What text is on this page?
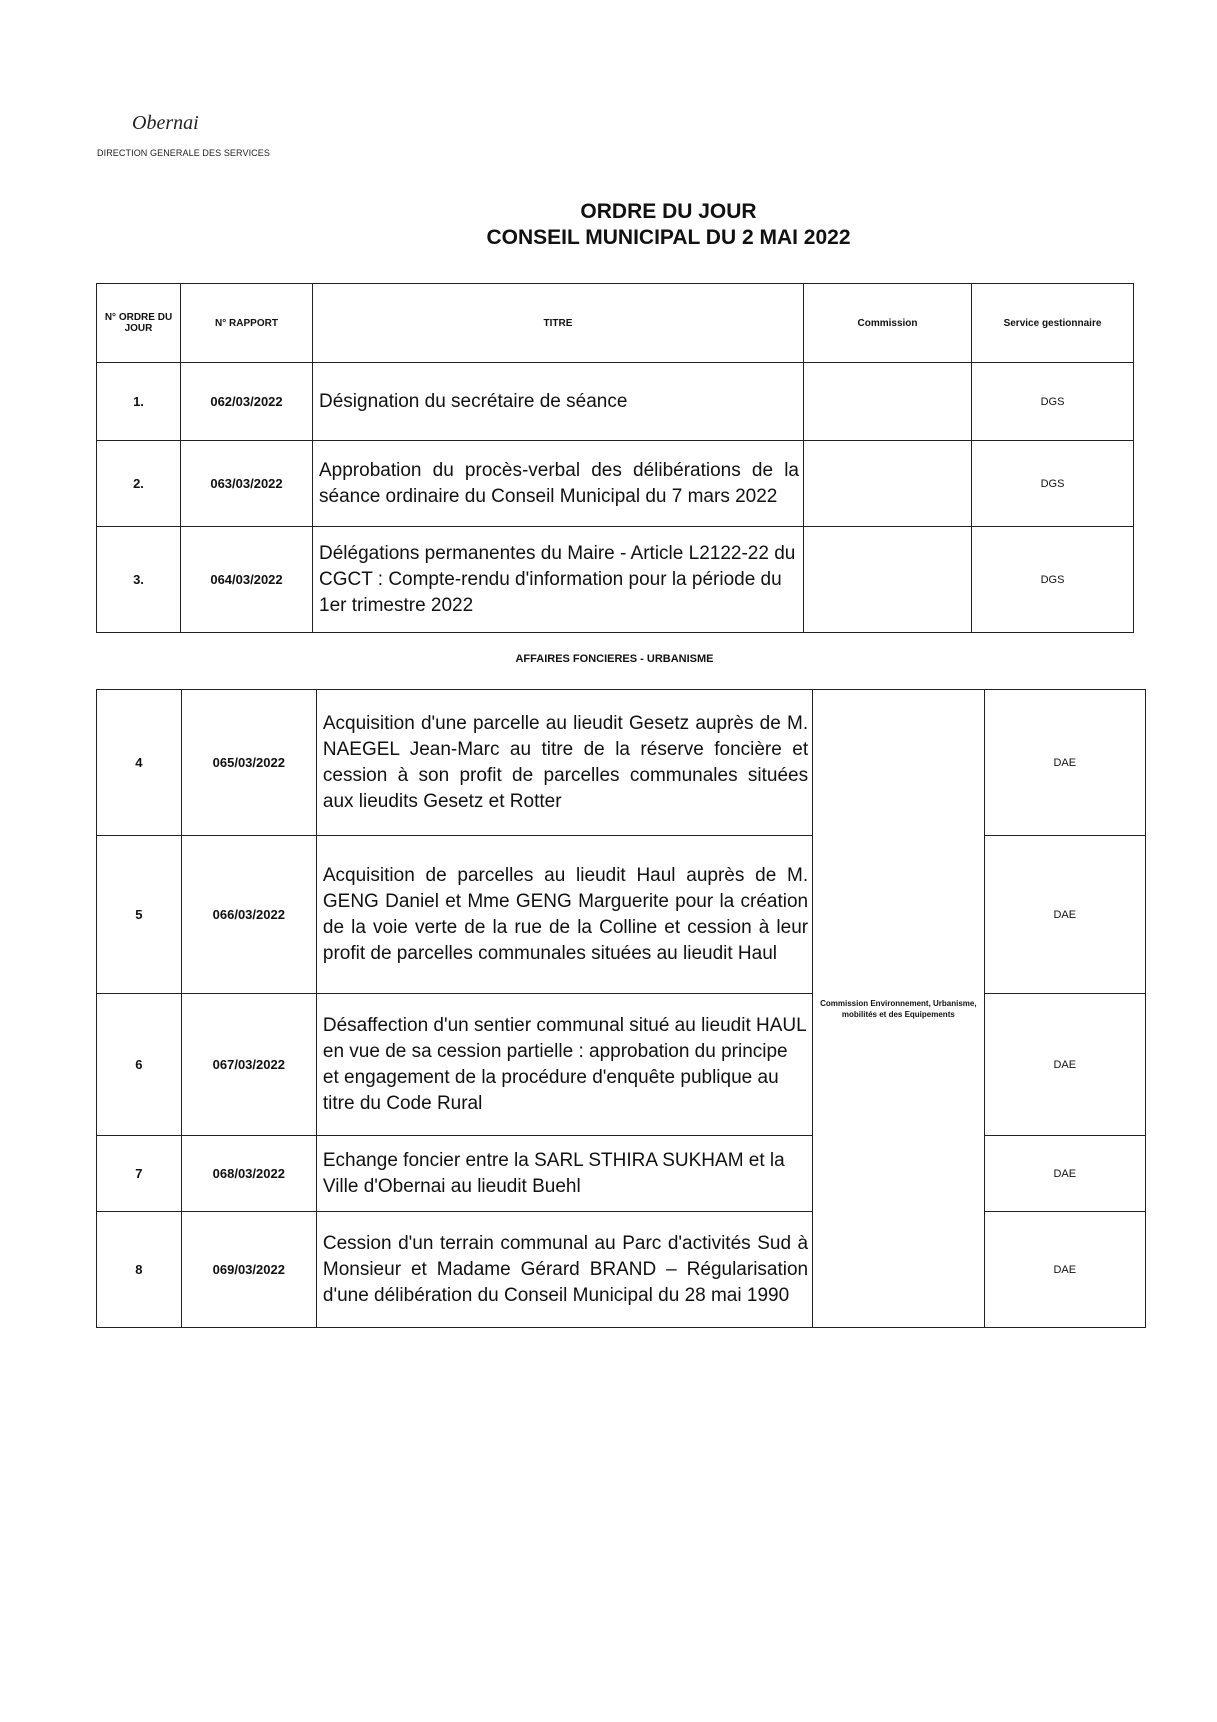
Obernai
DIRECTION GENERALE DES SERVICES
ORDRE DU JOUR
CONSEIL MUNICIPAL DU 2 MAI 2022
N° ORDRE DU JOUR	N° RAPPORT	TITRE	Commission	Service gestionnaire
1.	062/03/2022	Désignation du secrétaire de séance		DGS
2.	063/03/2022	Approbation du procès-verbal des délibérations de la séance ordinaire du Conseil Municipal du 7 mars 2022		DGS
3.	064/03/2022	Délégations permanentes du Maire - Article L2122-22 du CGCT : Compte-rendu d'information pour la période du 1er trimestre 2022		DGS
AFFAIRES FONCIERES - URBANISME
4	065/03/2022	Acquisition d'une parcelle au lieudit Gesetz auprès de M. NAEGEL Jean-Marc au titre de la réserve foncière et cession à son profit de parcelles communales situées aux lieudits Gesetz et Rotter	Commission Environnement, Urbanisme, mobilités et des Equipements	DAE
5	066/03/2022	Acquisition de parcelles au lieudit Haul auprès de M. GENG Daniel et Mme GENG Marguerite pour la création de la voie verte de la rue de la Colline et cession à leur profit de parcelles communales situées au lieudit Haul		DAE
6	067/03/2022	Désaffection d'un sentier communal situé au lieudit HAUL en vue de sa cession partielle : approbation du principe et engagement de la procédure d'enquête publique au titre du Code Rural		DAE
7	068/03/2022	Echange foncier entre la SARL STHIRA SUKHAM et la Ville d'Obernai au lieudit Buehl		DAE
8	069/03/2022	Cession d'un terrain communal au Parc d'activités Sud à Monsieur et Madame Gérard BRAND – Régularisation d'une délibération du Conseil Municipal du 28 mai 1990		DAE
